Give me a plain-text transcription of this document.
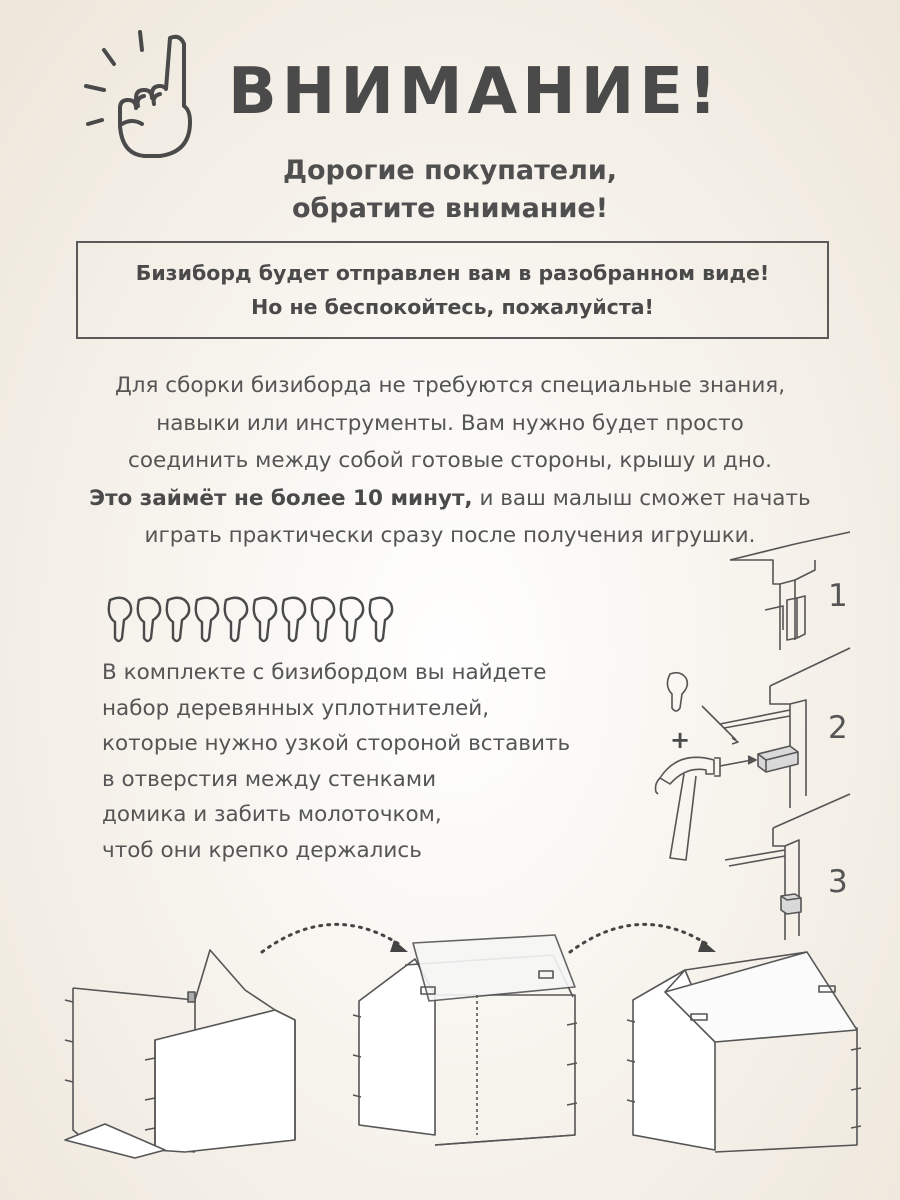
ВНИМАНИЕ!
Дорогие покупатели,
обратите внимание!
Бизиборд будет отправлен вам в разобранном виде!
Но не беспокойтесь, пожалуйста!
Для сборки бизиборда не требуются специальные знания,
навыки или инструменты. Вам нужно будет просто
соединить между собой готовые стороны, крышу и дно.
Это займёт не более 10 минут, и ваш малыш сможет начать
играть практически сразу после получения игрушки.
В комплекте с бизибордом вы найдете
набор деревянных уплотнителей,
которые нужно узкой стороной вставить
в отверстия между стенками
домика и забить молоточком,
чтоб они крепко держались
1
+	2
3
